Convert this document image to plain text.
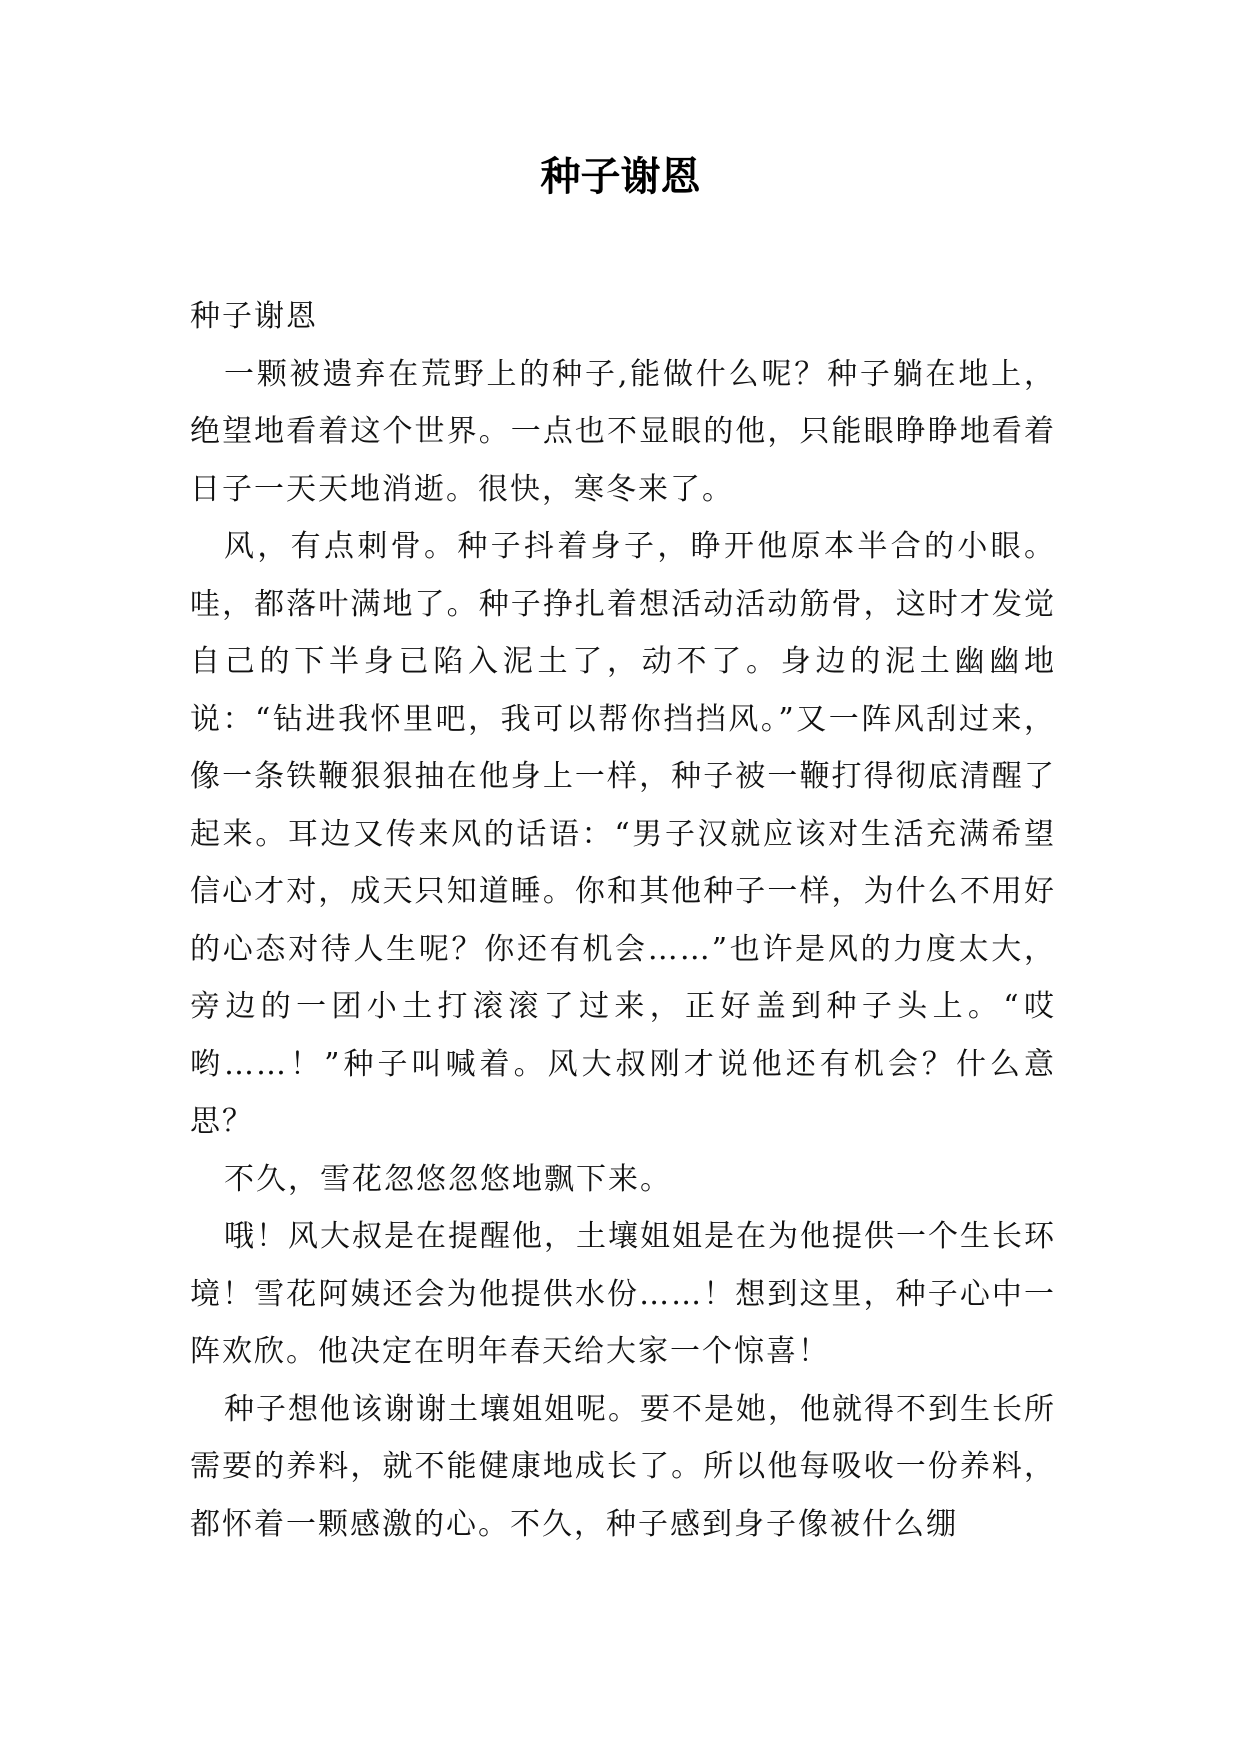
种子谢恩

种子谢恩

一颗被遗弃在荒野上的种子,能做什么呢？种子躺在地上，绝望地看着这个世界。一点也不显眼的他，只能眼睁睁地看着日子一天天地消逝。很快，寒冬来了。

风，有点刺骨。种子抖着身子，睁开他原本半合的小眼。哇，都落叶满地了。种子挣扎着想活动活动筋骨，这时才发觉自己的下半身已陷入泥土了，动不了。身边的泥土幽幽地说：“钻进我怀里吧，我可以帮你挡挡风。”又一阵风刮过来，像一条铁鞭狠狠抽在他身上一样，种子被一鞭打得彻底清醒了起来。耳边又传来风的话语：“男子汉就应该对生活充满希望信心才对，成天只知道睡。你和其他种子一样，为什么不用好的心态对待人生呢？你还有机会……”也许是风的力度太大，旁边的一团小土打滚滚了过来，正好盖到种子头上。“哎哟……！”种子叫喊着。风大叔刚才说他还有机会？什么意思？

不久，雪花忽悠忽悠地飘下来。

哦！风大叔是在提醒他，土壤姐姐是在为他提供一个生长环境！雪花阿姨还会为他提供水份……！想到这里，种子心中一阵欢欣。他决定在明年春天给大家一个惊喜！

种子想他该谢谢土壤姐姐呢。要不是她，他就得不到生长所需要的养料，就不能健康地成长了。所以他每吸收一份养料，都怀着一颗感激的心。不久，种子感到身子像被什么绷
